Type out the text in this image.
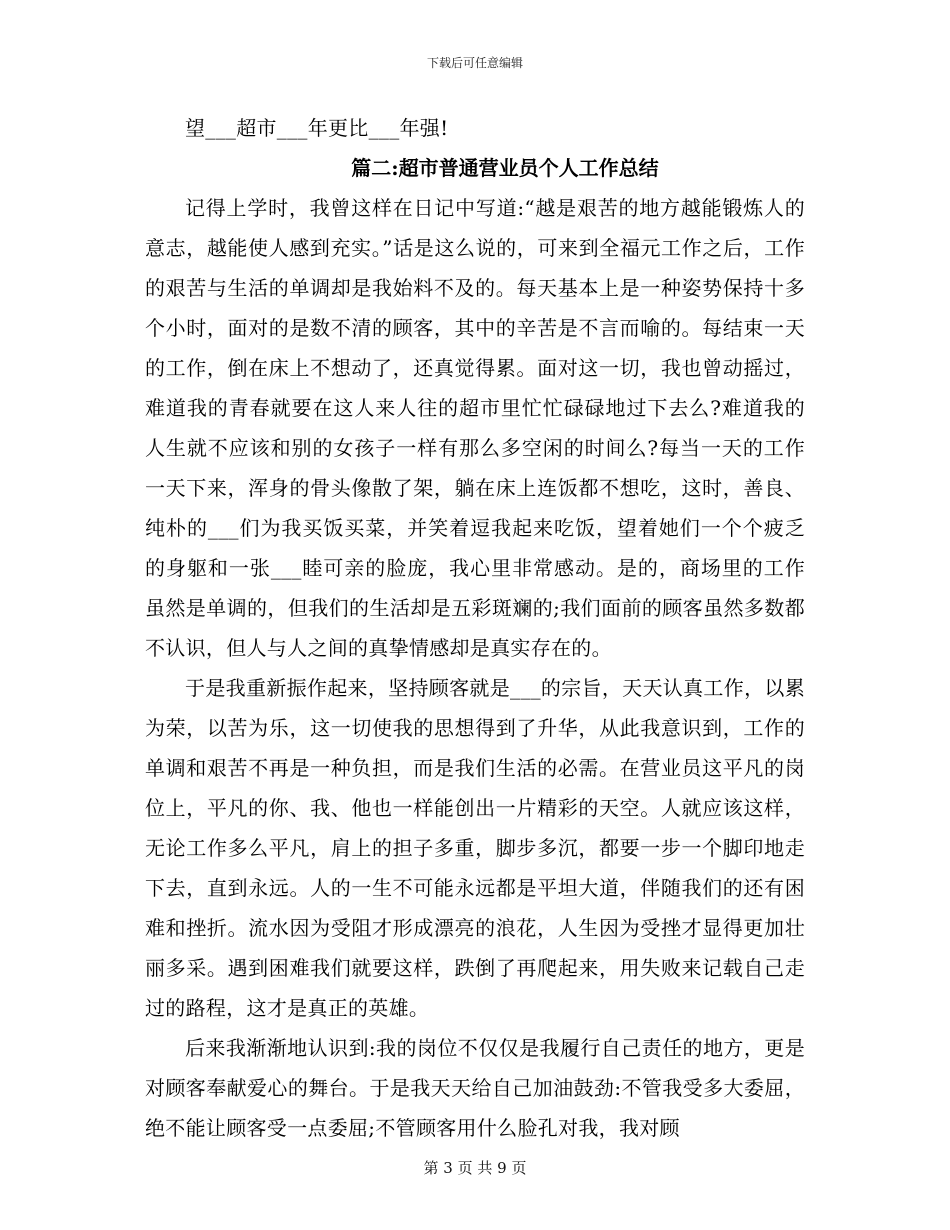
下载后可任意编辑

望___超市___年更比___年强!

篇二:超市普通营业员个人工作总结

记得上学时，我曾这样在日记中写道:“越是艰苦的地方越能锻炼人的意志，越能使人感到充实。”话是这么说的，可来到全福元工作之后，工作的艰苦与生活的单调却是我始料不及的。每天基本上是一种姿势保持十多个小时，面对的是数不清的顾客，其中的辛苦是不言而喻的。每结束一天的工作，倒在床上不想动了，还真觉得累。面对这一切，我也曾动摇过，难道我的青春就要在这人来人往的超市里忙忙碌碌地过下去么?难道我的人生就不应该和别的女孩子一样有那么多空闲的时间么?每当一天的工作一天下来，浑身的骨头像散了架，躺在床上连饭都不想吃，这时，善良、纯朴的___们为我买饭买菜，并笑着逗我起来吃饭，望着她们一个个疲乏的身躯和一张___睦可亲的脸庞，我心里非常感动。是的，商场里的工作虽然是单调的，但我们的生活却是五彩斑斓的;我们面前的顾客虽然多数都不认识，但人与人之间的真挚情感却是真实存在的。

于是我重新振作起来，坚持顾客就是___的宗旨，天天认真工作，以累为荣，以苦为乐，这一切使我的思想得到了升华，从此我意识到，工作的单调和艰苦不再是一种负担，而是我们生活的必需。在营业员这平凡的岗位上，平凡的你、我、他也一样能创出一片精彩的天空。人就应该这样，无论工作多么平凡，肩上的担子多重，脚步多沉，都要一步一个脚印地走下去，直到永远。人的一生不可能永远都是平坦大道，伴随我们的还有困难和挫折。流水因为受阻才形成漂亮的浪花，人生因为受挫才显得更加壮丽多采。遇到困难我们就要这样，跌倒了再爬起来，用失败来记载自己走过的路程，这才是真正的英雄。

后来我渐渐地认识到:我的岗位不仅仅是我履行自己责任的地方，更是对顾客奉献爱心的舞台。于是我天天给自己加油鼓劲:不管我受多大委屈，绝不能让顾客受一点委屈;不管顾客用什么脸孔对我，我对顾

第 3 页 共 9 页
